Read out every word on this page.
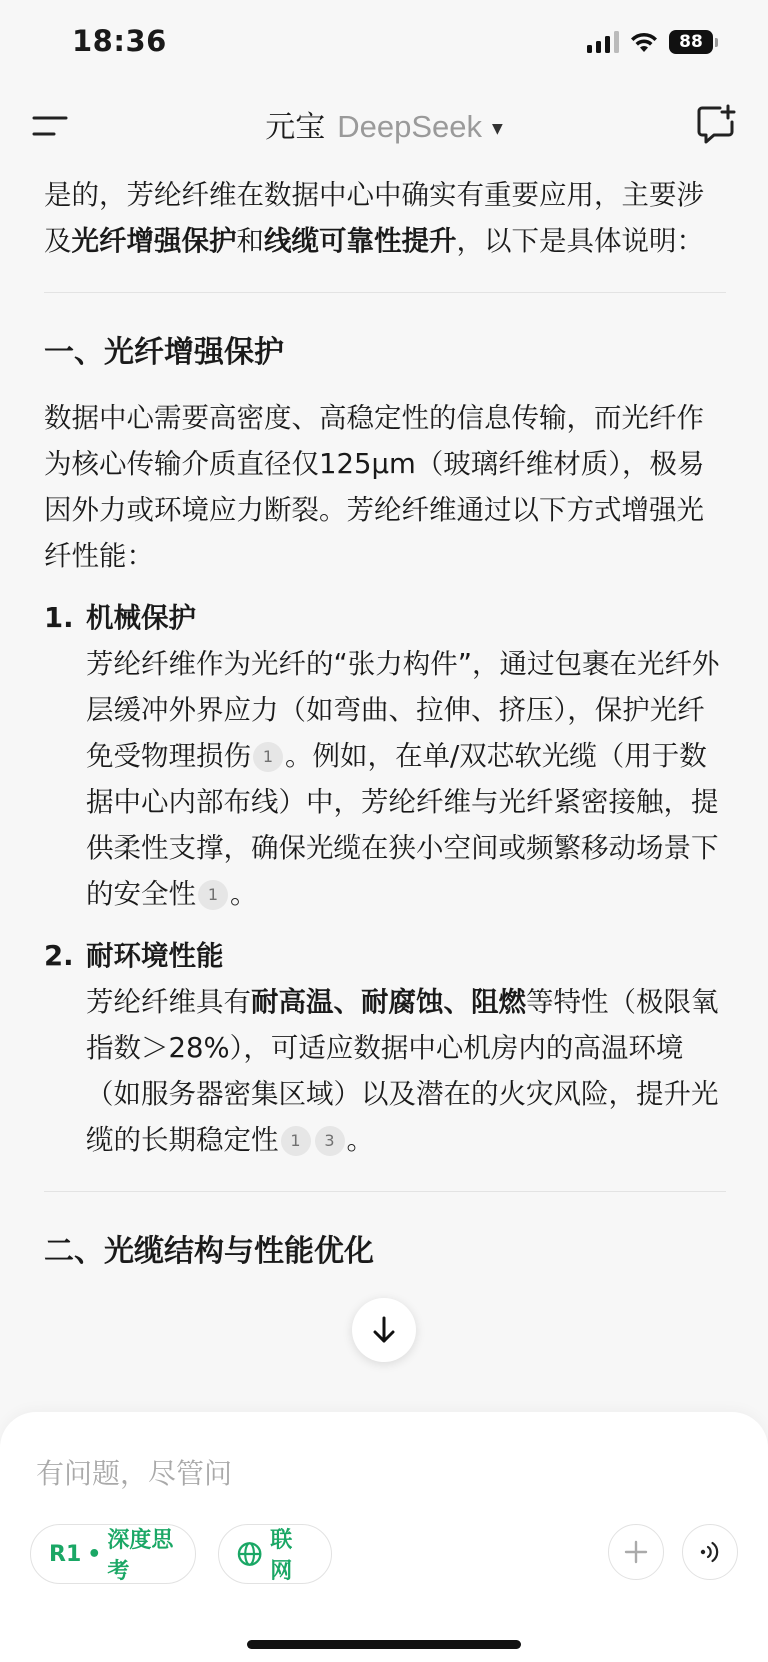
18:36	88
元宝 DeepSeek ▼
是的，芳纶纤维在数据中心中确实有重要应用，主要涉及光纤增强保护和线缆可靠性提升，以下是具体说明：
一、光纤增强保护
数据中心需要高密度、高稳定性的信息传输，而光纤作为核心传输介质直径仅125μm（玻璃纤维材质），极易因外力或环境应力断裂。芳纶纤维通过以下方式增强光纤性能：
1. 机械保护
芳纶纤维作为光纤的“张力构件”，通过包裹在光纤外层缓冲外界应力（如弯曲、拉伸、挤压），保护光纤免受物理损伤 1 。例如，在单/双芯软光缆（用于数据中心内部布线）中，芳纶纤维与光纤紧密接触，提供柔性支撑，确保光缆在狭小空间或频繁移动场景下的安全性 1 。
2. 耐环境性能
芳纶纤维具有耐高温、耐腐蚀、阻燃等特性（极限氧指数＞28%），可适应数据中心机房内的高温环境（如服务器密集区域）以及潜在的火灾风险，提升光缆的长期稳定性 1 3 。
二、光缆结构与性能优化
有问题，尽管问
R1 •
深度思考
联网
